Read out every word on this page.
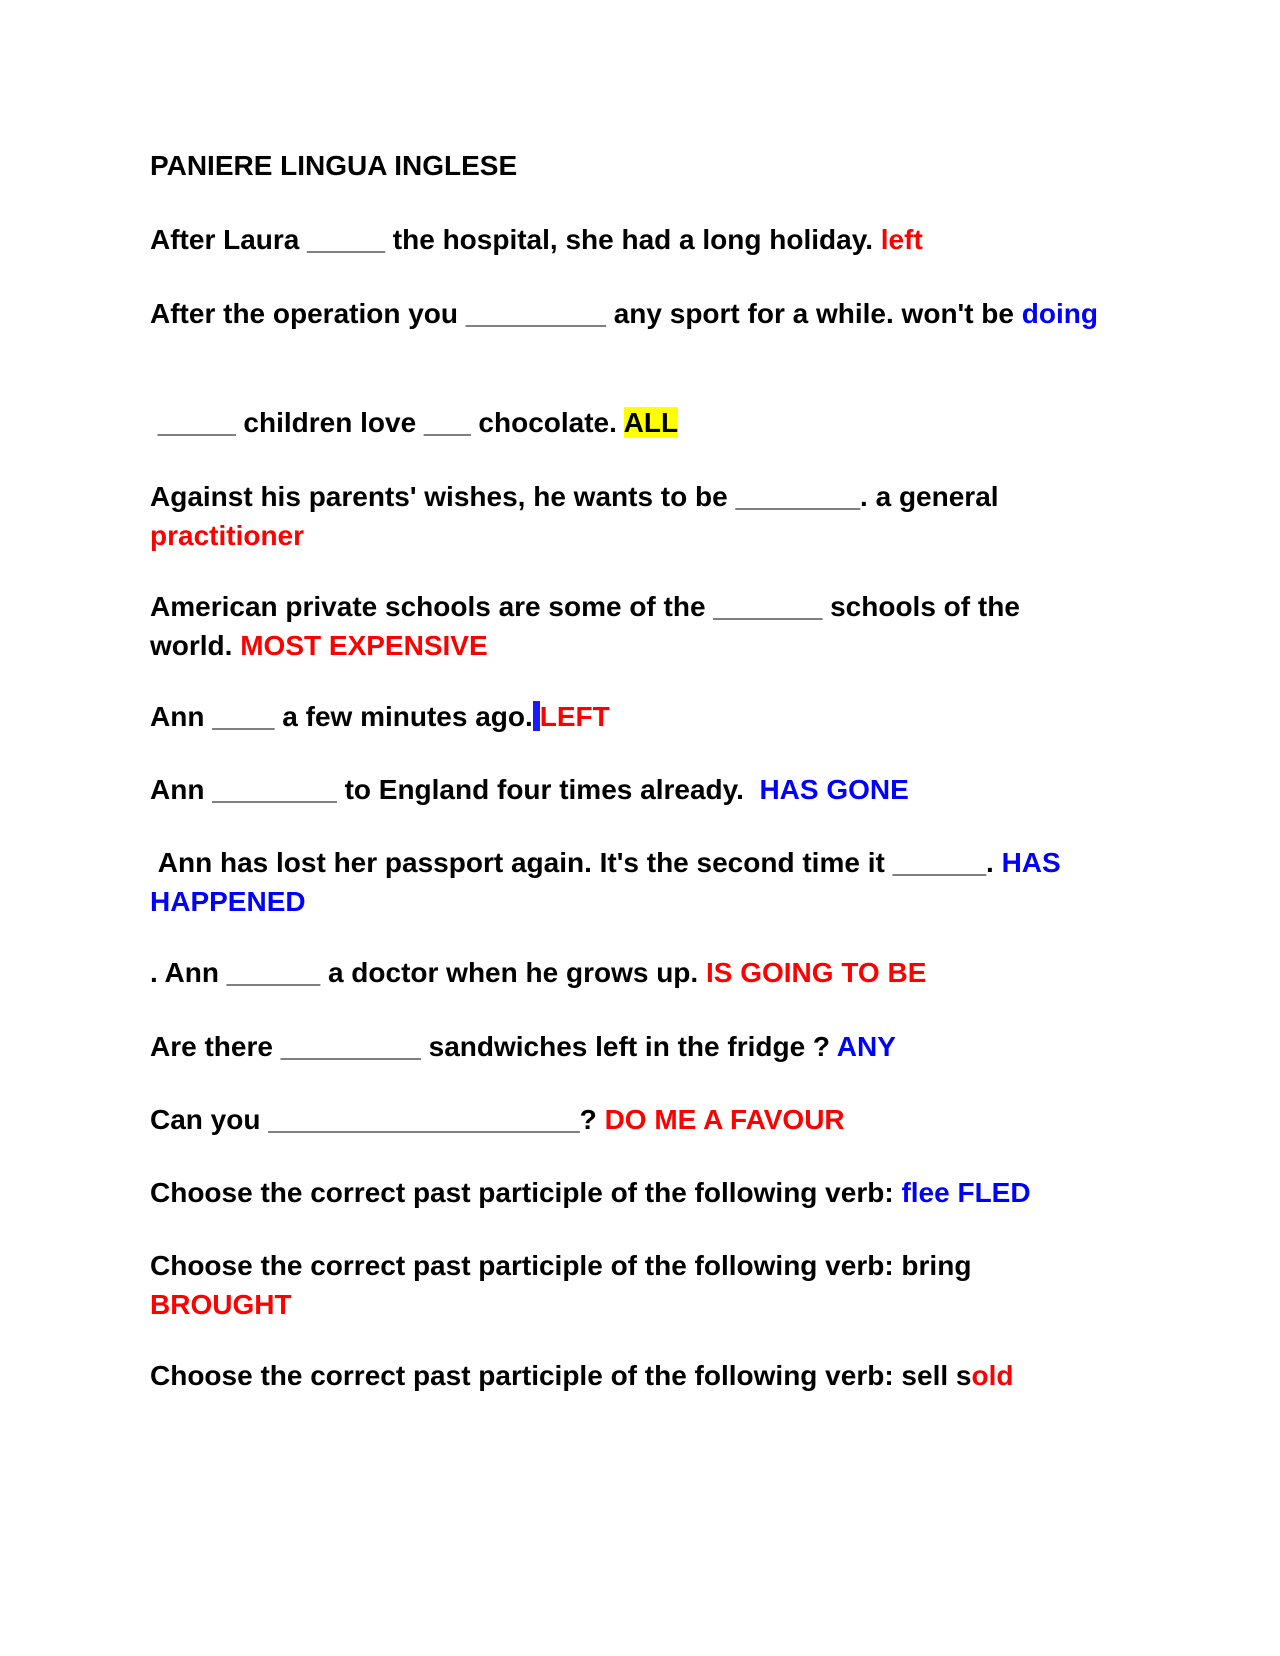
PANIERE LINGUA INGLESE

After Laura _____ the hospital, she had a long holiday. left

After the operation you _________ any sport for a while. won't be doing

_____ children love ___ chocolate. ALL

Against his parents' wishes, he wants to be ________. a general practitioner

American private schools are some of the _______ schools of the world. MOST EXPENSIVE

Ann ____ a few minutes ago. LEFT

Ann ________ to England four times already.  HAS GONE

Ann has lost her passport again. It's the second time it ______. HAS HAPPENED

. Ann ______ a doctor when he grows up. IS GOING TO BE

Are there _________ sandwiches left in the fridge ? ANY

Can you ____________________? DO ME A FAVOUR

Choose the correct past participle of the following verb: flee FLED

Choose the correct past participle of the following verb: bring BROUGHT

Choose the correct past participle of the following verb: sell sold
